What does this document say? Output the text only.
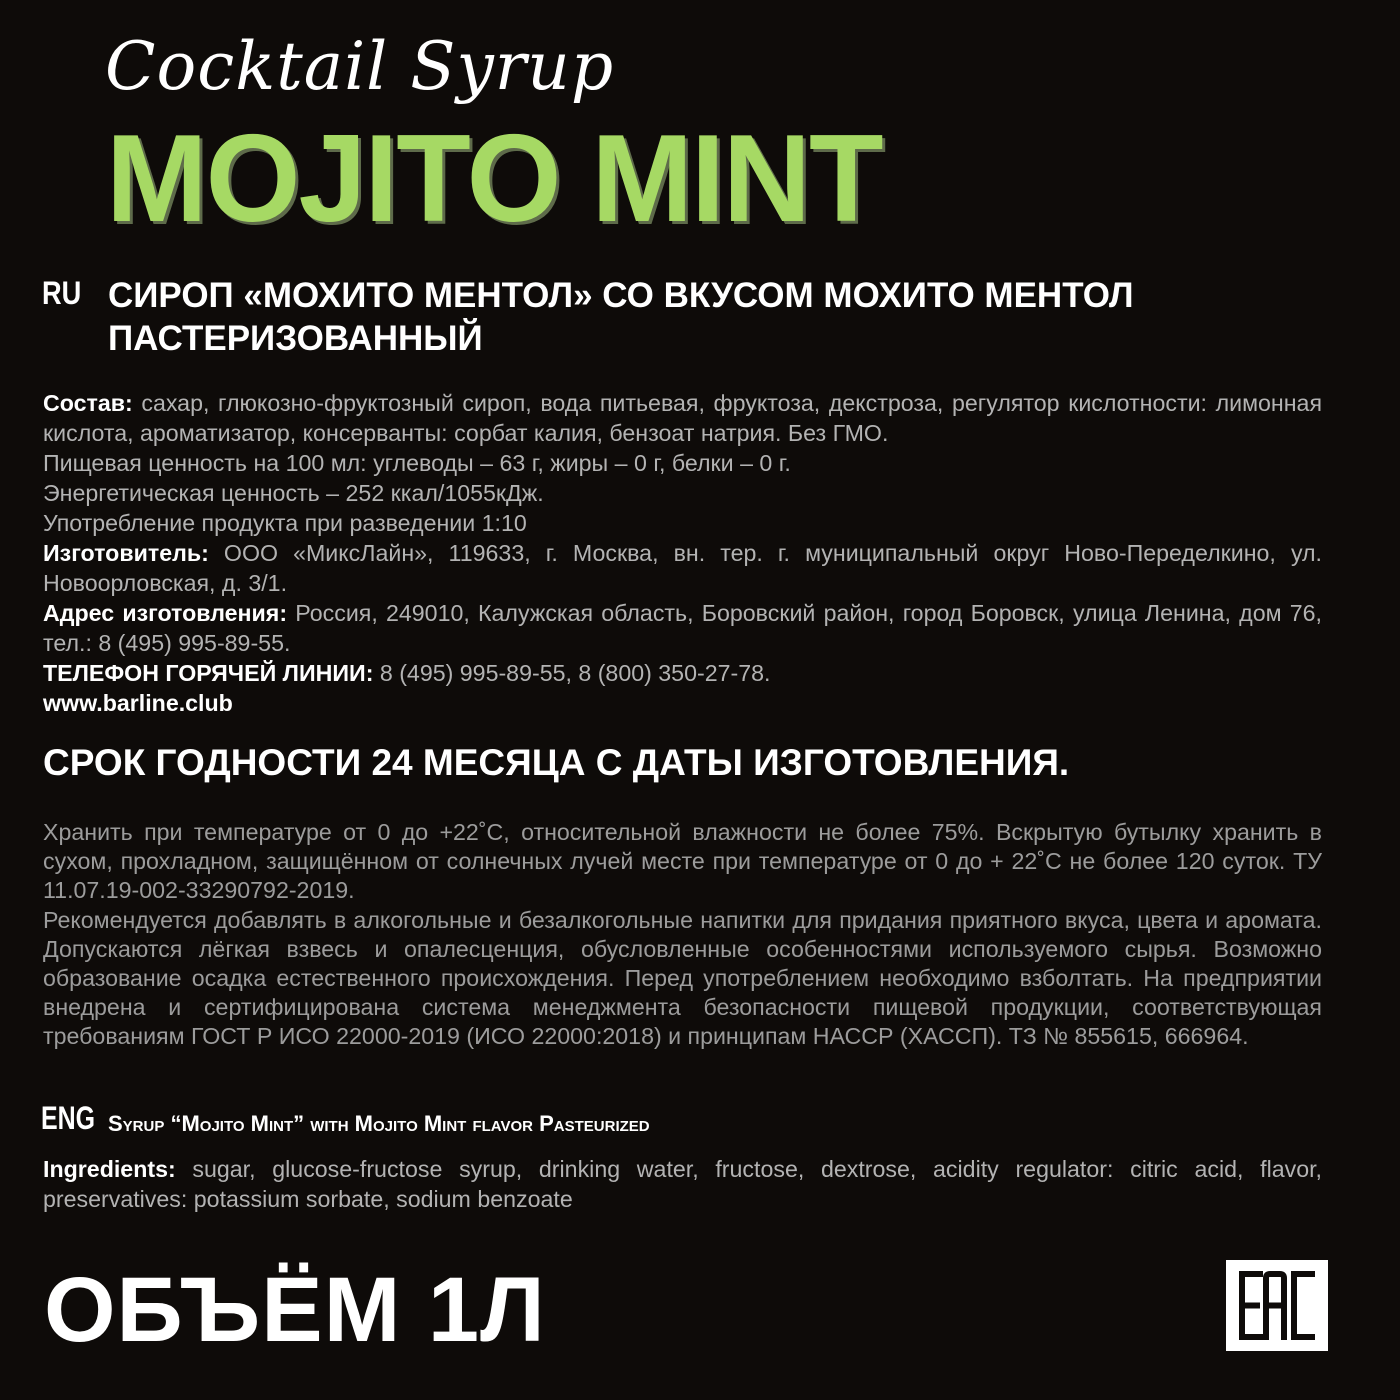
Cocktail Syrup
MOJITO MINT
RU СИРОП «МОХИТО МЕНТОЛ» СО ВКУСОМ МОХИТО МЕНТОЛ
ПАСТЕРИЗОВАННЫЙ

Состав: сахар, глюкозно-фруктозный сироп, вода питьевая, фруктоза, декстроза, регулятор кислотности: лимонная кислота, ароматизатор, консерванты: сорбат калия, бензоат натрия. Без ГМО.

Пищевая ценность на 100 мл: углеводы – 63 г, жиры – 0 г, белки – 0 г.

Энергетическая ценность – 252 ккал/1055кДж.

Употребление продукта при разведении 1:10

Изготовитель: ООО «МиксЛайн», 119633, г. Москва, вн. тер. г. муниципальный округ Ново-Переделкино, ул. Новоорловская, д. 3/1.

Адрес изготовления: Россия, 249010, Калужская область, Боровский район, город Боровск, улица Ленина, дом 76, тел.: 8 (495) 995-89-55.

ТЕЛЕФОН ГОРЯЧЕЙ ЛИНИИ: 8 (495) 995-89-55, 8 (800) 350-27-78.

www.barline.club

СРОК ГОДНОСТИ 24 МЕСЯЦА С ДАТЫ ИЗГОТОВЛЕНИЯ.

Хранить при температуре от 0 до +22˚С, относительной влажности не более 75%. Вскрытую бутылку хранить в сухом, прохладном, защищённом от солнечных лучей месте при температуре от 0 до + 22˚С не более 120 суток. ТУ 11.07.19-002-33290792-2019.

Рекомендуется добавлять в алкогольные и безалкогольные напитки для придания приятного вкуса, цвета и аромата. Допускаются лёгкая взвесь и опалесценция, обусловленные особенностями используемого сырья. Возможно образование осадка естественного происхождения. Перед употреблением необходимо взболтать. На предприятии внедрена и сертифицирована система менеджмента безопасности пищевой продукции, соответствующая требованиям ГОСТ Р ИСО 22000-2019 (ИСО 22000:2018) и принципам НАССР (ХАССП). ТЗ № 855615, 666964.

ENG Syrup “Mojito Mint” with Mojito Mint flavor Pasteurized

Ingredients: sugar, glucose-fructose syrup, drinking water, fructose, dextrose, acidity regulator: citric acid, flavor, preservatives: potassium sorbate, sodium benzoate

ОБЪЁМ 1Л
